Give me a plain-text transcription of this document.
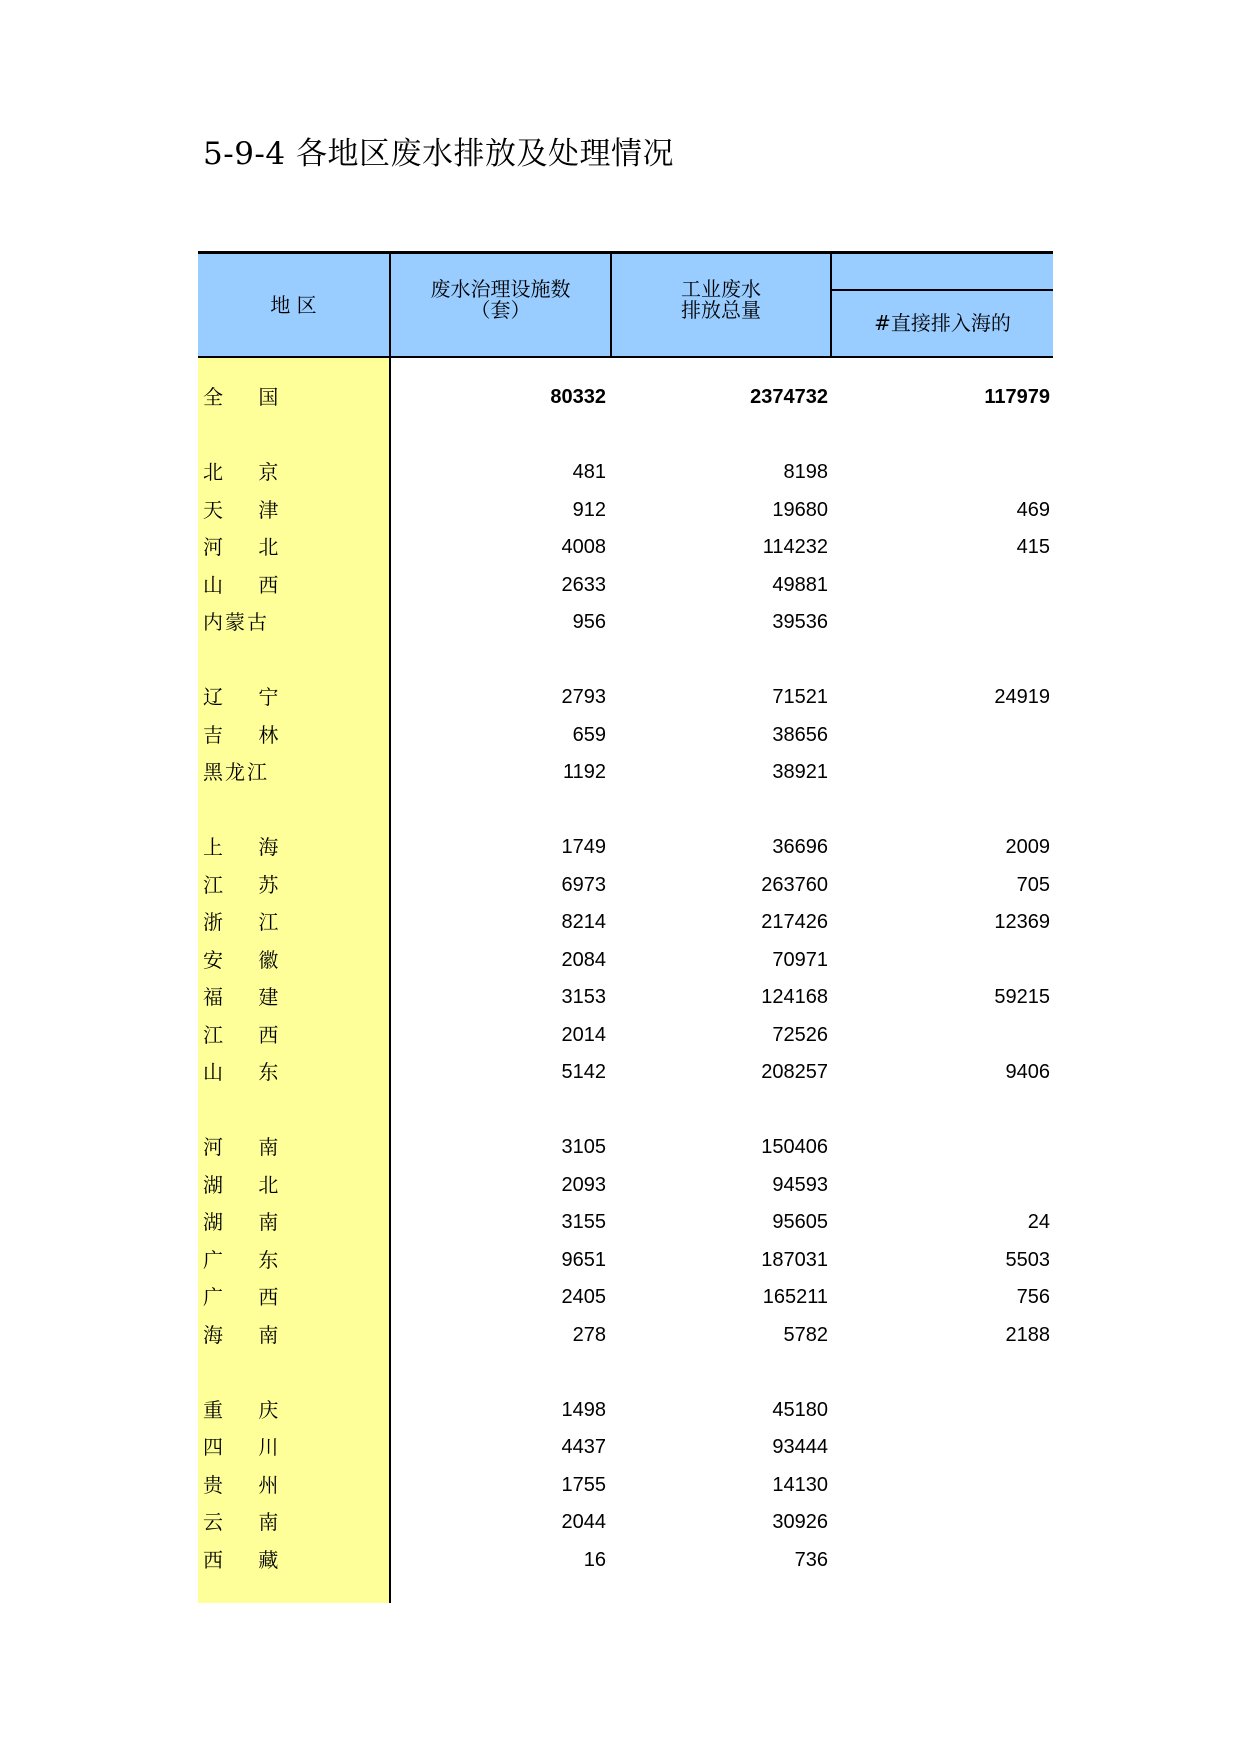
5-9-4 各地区废水排放及处理情况
地 区
废水治理设施数
（套）
工业废水
排放总量
#直接排入海的
全    国	80332	2374732	117979
北    京	481	8198
天    津	912	19680	469
河    北	4008	114232	415
山    西	2633	49881
内蒙古	956	39536
辽    宁	2793	71521	24919
吉    林	659	38656
黑龙江	1192	38921
上    海	1749	36696	2009
江    苏	6973	263760	705
浙    江	8214	217426	12369
安    徽	2084	70971
福    建	3153	124168	59215
江    西	2014	72526
山    东	5142	208257	9406
河    南	3105	150406
湖    北	2093	94593
湖    南	3155	95605	24
广    东	9651	187031	5503
广    西	2405	165211	756
海    南	278	5782	2188
重    庆	1498	45180
四    川	4437	93444
贵    州	1755	14130
云    南	2044	30926
西    藏	16	736
